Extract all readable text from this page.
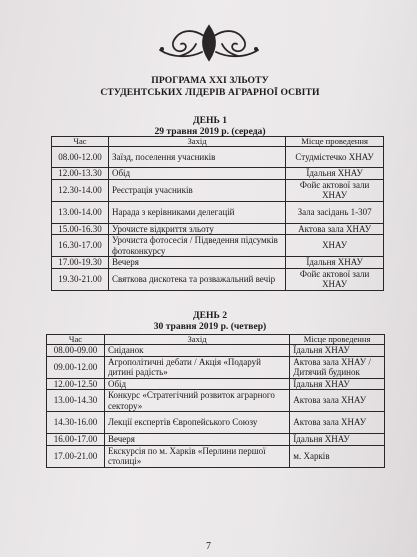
ПРОГРАМА XXI ЗЛЬОТУ
СТУДЕНТСЬКИХ ЛІДЕРІВ АГРАРНОЇ ОСВІТИ
ДЕНЬ 1
29 травня 2019 р. (середа)
Час	Захід	Місце проведення
08.00-12.00	Заїзд, поселення учасників	Студмістечко ХНАУ
12.00-13.30	Обід	Їдальня ХНАУ
12.30-14.00	Реєстрація учасників	Фойє актової зали ХНАУ
13.00-14.00	Нарада з керівниками делегацій	Зала засідань 1-307
15.00-16.30	Урочисте відкриття зльоту	Актова зала ХНАУ
16.30-17.00	Урочиста фотосесія / Підведення підсумків фотоконкурсу	ХНАУ
17.00-19.30	Вечеря	Їдальня ХНАУ
19.30-21.00	Святкова дискотека та розважальний вечір	Фойє актової зали ХНАУ
ДЕНЬ 2
30 травня 2019 р. (четвер)
Час	Захід	Місце проведення
08.00-09.00	Сніданок	Їдальня ХНАУ
09.00-12.00	Агрополітичні дебати / Акція «Подаруй дитині радість»	Актова зала ХНАУ / Дитячий будинок
12.00-12.50	Обід	Їдальня ХНАУ
13.00-14.30	Конкурс «Стратегічний розвиток аграрного сектору»	Актова зала ХНАУ
14.30-16.00	Лекції експертів Європейського Союзу	Актова зала ХНАУ
16.00-17.00	Вечеря	Їдальня ХНАУ
17.00-21.00	Екскурсія по м. Харків «Перлини першої столиці»	м. Харків
7
